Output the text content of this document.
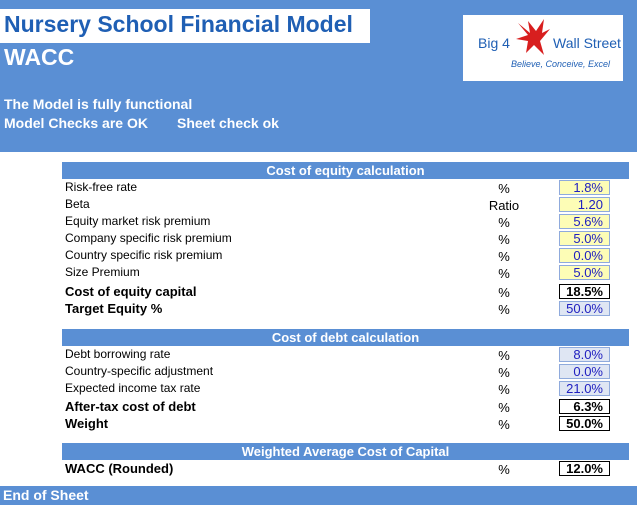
Nursery School Financial Model
WACC
Big 4	Wall Street
Believe, Conceive, Excel
The Model is fully functional
Model Checks are OK Sheet check ok
Cost of equity calculation
Risk-free rate	%	1.8%
Beta	Ratio	1.20
Equity market risk premium	%	5.6%
Company specific risk premium	%	5.0%
Country specific risk premium	%	0.0%
Size Premium	%	5.0%
Cost of equity capital	%	18.5%
Target Equity %	%	50.0%
Cost of debt calculation
Debt borrowing rate	%	8.0%
Country-specific adjustment	%	0.0%
Expected income tax rate	%	21.0%
After-tax cost of debt	%	6.3%
Weight	%	50.0%
Weighted Average Cost of Capital
WACC (Rounded)	%	12.0%
End of Sheet
